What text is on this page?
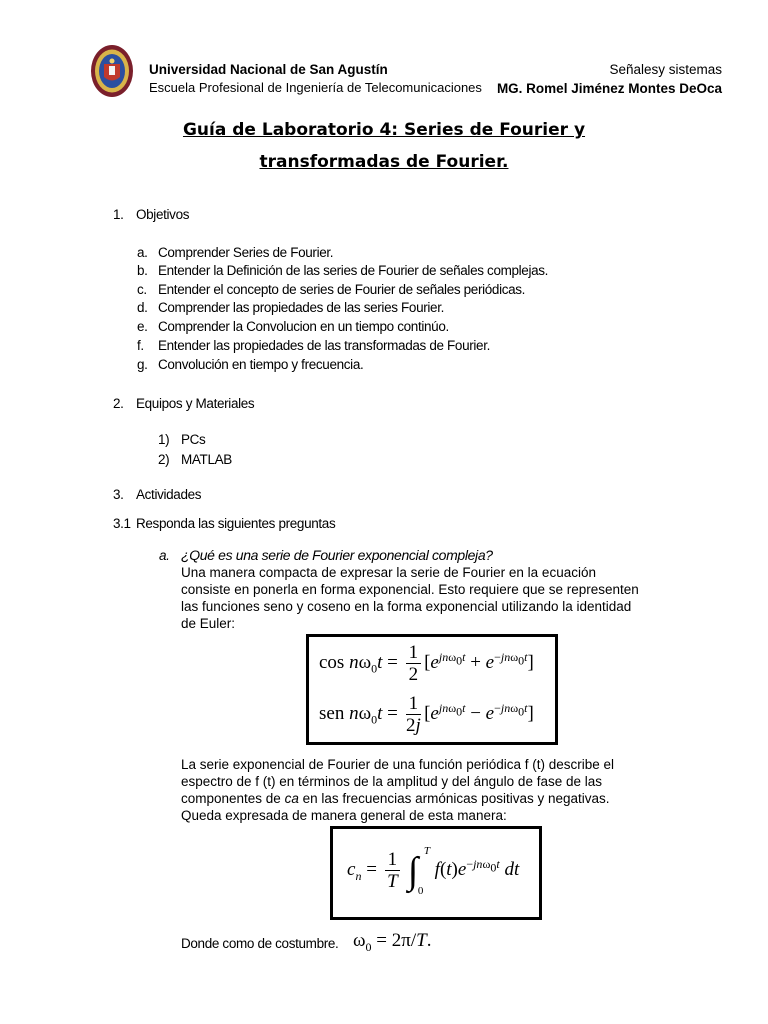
Universidad Nacional de San Agustín
Escuela Profesional de Ingeniería de Telecomunicaciones
Señalesy sistemas
MG. Romel Jiménez Montes DeOca
Guía de Laboratorio 4: Series de Fourier y
transformadas de Fourier.
1. Objetivos
a. Comprender Series de Fourier.
b. Entender la Definición de las series de Fourier de señales complejas.
c. Entender el concepto de series de Fourier de señales periódicas.
d. Comprender las propiedades de las series Fourier.
e. Comprender la Convolucion en un tiempo continúo.
f. Entender las propiedades de las transformadas de Fourier.
g. Convolución en tiempo y frecuencia.
2. Equipos y Materiales
1) PCs
2) MATLAB
3. Actividades
3.1 Responda las siguientes preguntas
a. ¿Qué es una serie de Fourier exponencial compleja?
Una manera compacta de expresar la serie de Fourier en la ecuación
consiste en ponerla en forma exponencial. Esto requiere que se representen
las funciones seno y coseno en la forma exponencial utilizando la identidad
de Euler:
$\cos n\omega_0t = \frac{1}{2} [e^{jn\omega_0t} + e^{-jn\omega_0t}]$
sen $n\omega_0t = \frac{1}{2j} [e^{jn\omega_0t} - e^{-jn\omega_0t}]$
La serie exponencial de Fourier de una función periódica f (t) describe el
espectro de f (t) en términos de la amplitud y del ángulo de fase de las
componentes de ca en las frecuencias armónicas positivas y negativas.
Queda expresada de manera general de esta manera:
$c_n = \frac{1}{T}$ ∫ T
0
$f(t)e^{-jn\omega_0t}$ dt
Donde como de costumbre. $\omega_0 = 2\pi/T$.
